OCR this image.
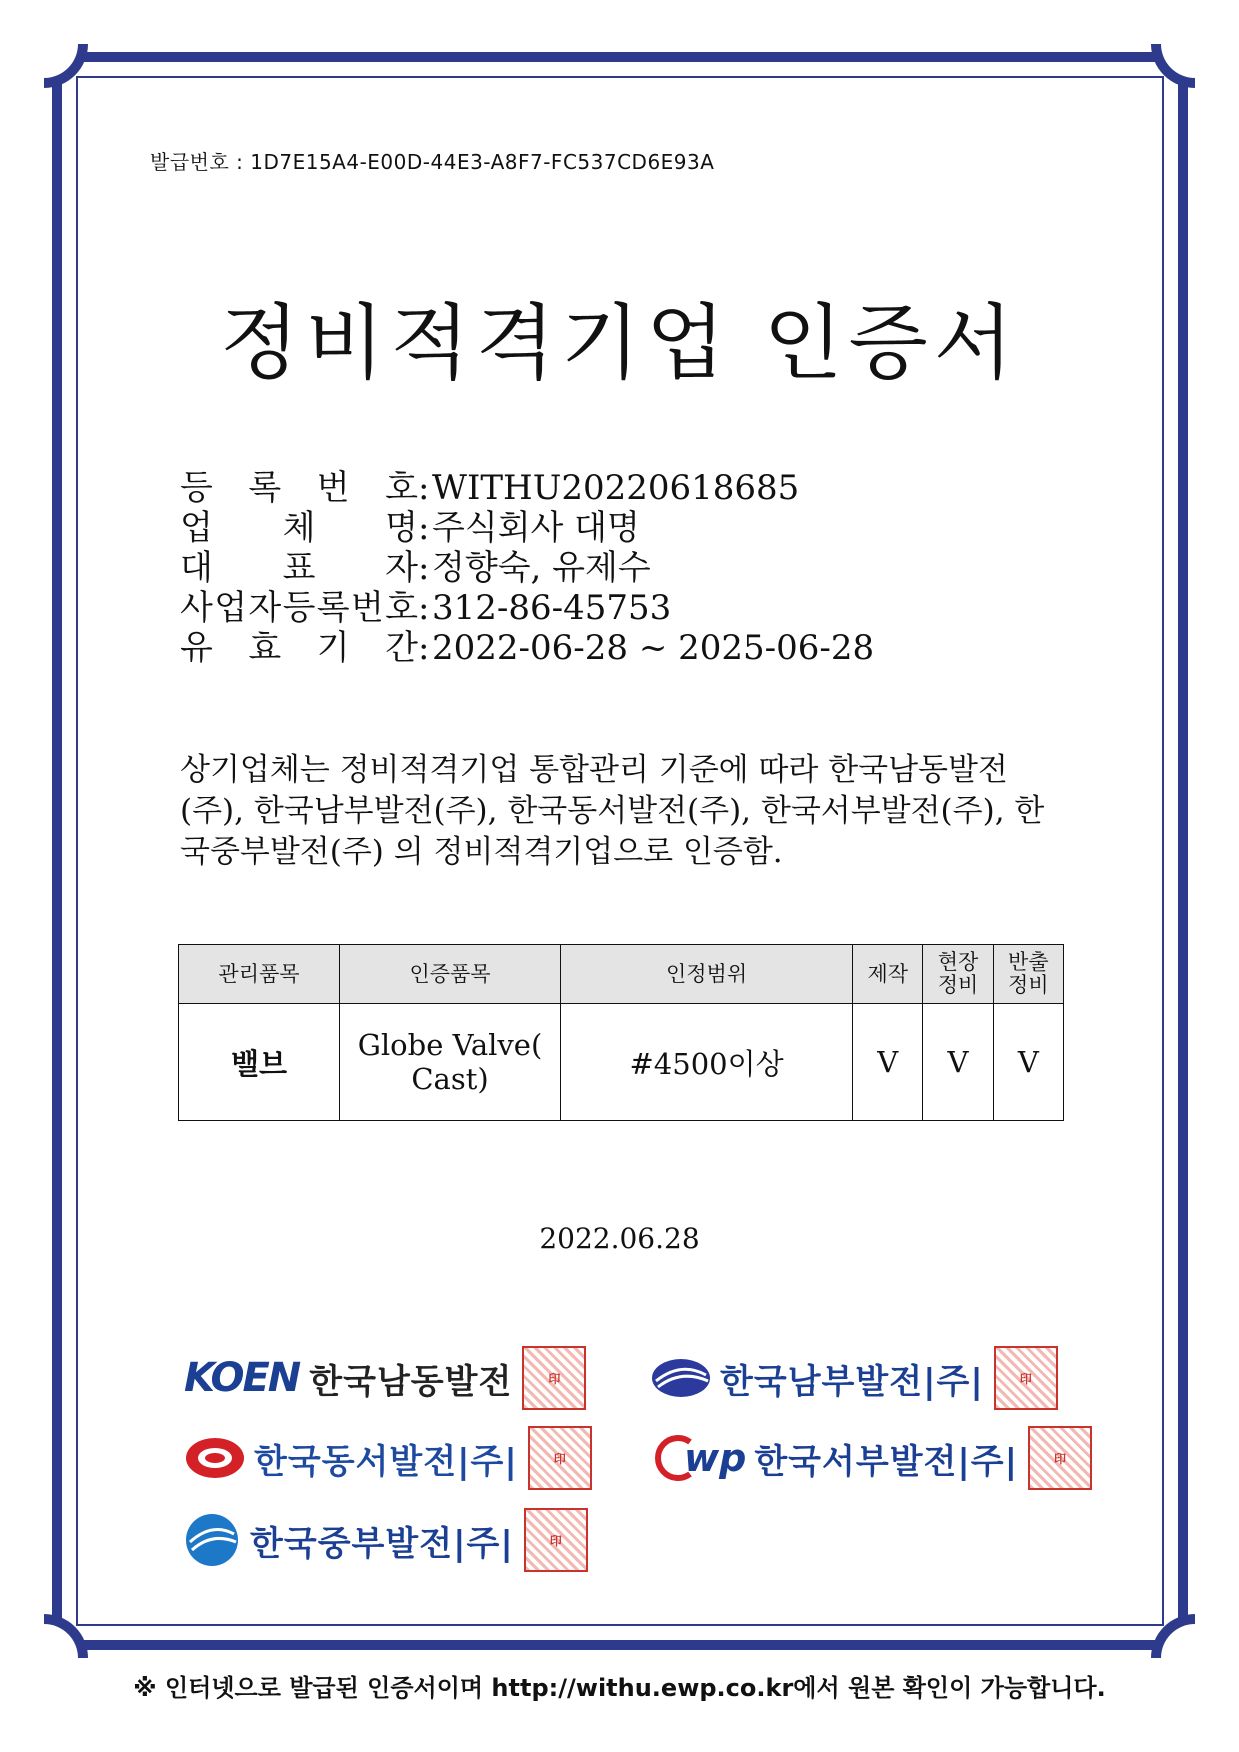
발급번호 : 1D7E15A4-E00D-44E3-A8F7-FC537CD6E93A
정비적격기업 인증서
등 록 번 호 : WITHU20220618685
업 체 명 : 주식회사 대명
대 표 자 : 정향숙, 유제수
사 업 자 등 록 번 호 : 312-86-45753
유 효 기 간 : 2022-06-28 ~ 2025-06-28
상기업체는 정비적격기업 통합관리 기준에 따라 한국남동발전(주), 한국남부발전(주), 한국동서발전(주), 한국서부발전(주), 한국중부발전(주) 의 정비적격기업으로 인증함.
관리품목	인증품목	인정범위	제작	현장 정비	반출 정비
밸브	Globe Valve( Cast)	#4500이상	V	V	V
2022.06.28
KOEN 한국남동발전	印	한국남부발전|주|	印
한국동서발전|주|	印	wp 한국서부발전|주|	印
한국중부발전|주|	印
※ 인터넷으로 발급된 인증서이며 http://withu.ewp.co.kr에서 원본 확인이 가능합니다.
